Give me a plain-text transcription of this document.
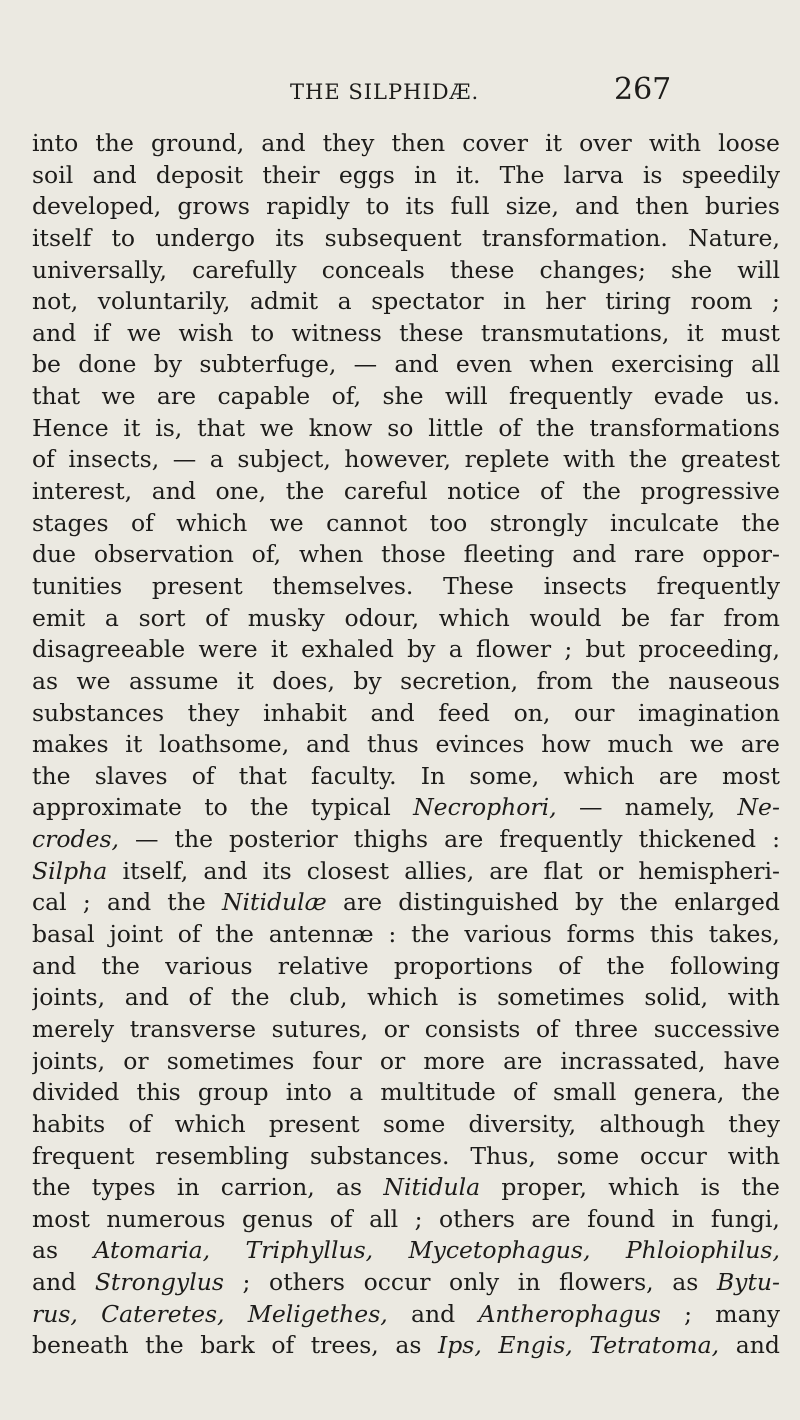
THE SILPHIDÆ.	267
into the ground, and they then cover it over with loose
soil and deposit their eggs in it. The larva is speedily
developed, grows rapidly to its full size, and then buries
itself to undergo its subsequent transformation. Nature,
universally, carefully conceals these changes; she will
not, voluntarily, admit a spectator in her tiring room ;
and if we wish to witness these transmutations, it must
be done by subterfuge, — and even when exercising all
that we are capable of, she will frequently evade us.
Hence it is, that we know so little of the transformations
of insects, — a subject, however, replete with the greatest
interest, and one, the careful notice of the progressive
stages of which we cannot too strongly inculcate the
due observation of, when those fleeting and rare oppor-
tunities present themselves. These insects frequently
emit a sort of musky odour, which would be far from
disagreeable were it exhaled by a flower ; but proceeding,
as we assume it does, by secretion, from the nauseous
substances they inhabit and feed on, our imagination
makes it loathsome, and thus evinces how much we are
the slaves of that faculty. In some, which are most
approximate to the typical Necrophori, — namely, Ne-
crodes, — the posterior thighs are frequently thickened :
Silpha itself, and its closest allies, are flat or hemispheri-
cal ; and the Nitidulæ are distinguished by the enlarged
basal joint of the antennæ : the various forms this takes,
and the various relative proportions of the following
joints, and of the club, which is sometimes solid, with
merely transverse sutures, or consists of three successive
joints, or sometimes four or more are incrassated, have
divided this group into a multitude of small genera, the
habits of which present some diversity, although they
frequent resembling substances. Thus, some occur with
the types in carrion, as Nitidula proper, which is the
most numerous genus of all ; others are found in fungi,
as Atomaria, Triphyllus, Mycetophagus, Phloiophilus,
and Strongylus ; others occur only in flowers, as Bytu-
rus, Cateretes, Meligethes, and Antherophagus ; many
beneath the bark of trees, as Ips, Engis, Tetratoma, and
